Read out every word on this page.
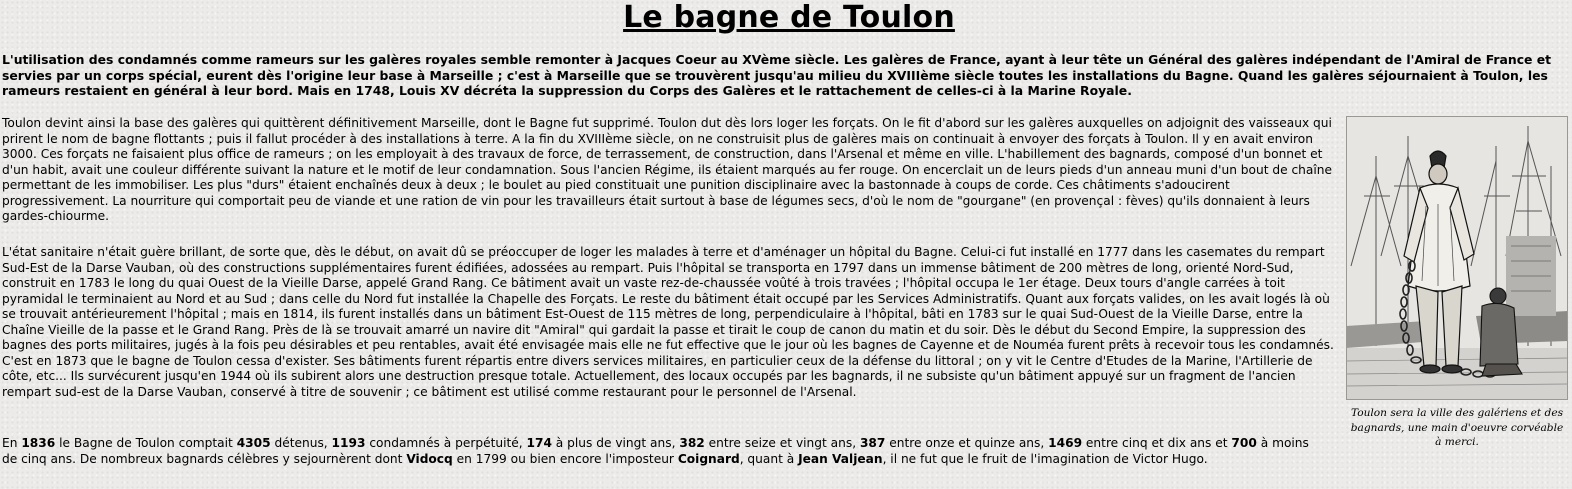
Le bagne de Toulon

L'utilisation des condamnés comme rameurs sur les galères royales semble remonter à Jacques Coeur au XVème siècle. Les galères de France, ayant à leur tête un Général des galères indépendant de l'Amiral de France et servies par un corps spécial, eurent dès l'origine leur base à Marseille ; c'est à Marseille que se trouvèrent jusqu'au milieu du XVIIIème siècle toutes les installations du Bagne. Quand les galères séjournaient à Toulon, les rameurs restaient en général à leur bord. Mais en 1748, Louis XV décréta la suppression du Corps des Galères et le rattachement de celles-ci à la Marine Royale.

Toulon devint ainsi la base des galères qui quittèrent définitivement Marseille, dont le Bagne fut supprimé. Toulon dut dès lors loger les forçats. On le fit d'abord sur les galères auxquelles on adjoignit des vaisseaux qui prirent le nom de bagne flottants ; puis il fallut procéder à des installations à terre. A la fin du XVIIIème siècle, on ne construisit plus de galères mais on continuait à envoyer des forçats à Toulon. Il y en avait environ 3000. Ces forçats ne faisaient plus office de rameurs ; on les employait à des travaux de force, de terrassement, de construction, dans l'Arsenal et même en ville. L'habillement des bagnards, composé d'un bonnet et d'un habit, avait une couleur différente suivant la nature et le motif de leur condamnation. Sous l'ancien Régime, ils étaient marqués au fer rouge. On encerclait un de leurs pieds d'un anneau muni d'un bout de chaîne permettant de les immobiliser. Les plus "durs" étaient enchaînés deux à deux ; le boulet au pied constituait une punition disciplinaire avec la bastonnade à coups de corde. Ces châtiments s'adoucirent progressivement. La nourriture qui comportait peu de viande et une ration de vin pour les travailleurs était surtout à base de légumes secs, d'où le nom de "gourgane" (en provençal : fèves) qu'ils donnaient à leurs gardes-chiourme.

L'état sanitaire n'était guère brillant, de sorte que, dès le début, on avait dû se préoccuper de loger les malades à terre et d'aménager un hôpital du Bagne. Celui-ci fut installé en 1777 dans les casemates du rempart Sud-Est de la Darse Vauban, où des constructions supplémentaires furent édifiées, adossées au rempart. Puis l'hôpital se transporta en 1797 dans un immense bâtiment de 200 mètres de long, orienté Nord-Sud, construit en 1783 le long du quai Ouest de la Vieille Darse, appelé Grand Rang. Ce bâtiment avait un vaste rez-de-chaussée voûté à trois travées ; l'hôpital occupa le 1er étage. Deux tours d'angle carrées à toit pyramidal le terminaient au Nord et au Sud ; dans celle du Nord fut installée la Chapelle des Forçats. Le reste du bâtiment était occupé par les Services Administratifs. Quant aux forçats valides, on les avait logés là où se trouvait antérieurement l'hôpital ; mais en 1814, ils furent installés dans un bâtiment Est-Ouest de 115 mètres de long, perpendiculaire à l'hôpital, bâti en 1783 sur le quai Sud-Ouest de la Vieille Darse, entre la Chaîne Vieille de la passe et le Grand Rang. Près de là se trouvait amarré un navire dit "Amiral" qui gardait la passe et tirait le coup de canon du matin et du soir. Dès le début du Second Empire, la suppression des bagnes des ports militaires, jugés à la fois peu désirables et peu rentables, avait été envisagée mais elle ne fut effective que le jour où les bagnes de Cayenne et de Nouméa furent prêts à recevoir tous les condamnés. C'est en 1873 que le bagne de Toulon cessa d'exister. Ses bâtiments furent répartis entre divers services militaires, en particulier ceux de la défense du littoral ; on y vit le Centre d'Etudes de la Marine, l'Artillerie de côte, etc... Ils survécurent jusqu'en 1944 où ils subirent alors une destruction presque totale. Actuellement, des locaux occupés par les bagnards, il ne subsiste qu'un bâtiment appuyé sur un fragment de l'ancien rempart sud-est de la Darse Vauban, conservé à titre de souvenir ; ce bâtiment est utilisé comme restaurant pour le personnel de l'Arsenal.

En 1836 le Bagne de Toulon comptait 4305 détenus, 1193 condamnés à perpétuité, 174 à plus de vingt ans, 382 entre seize et vingt ans, 387 entre onze et quinze ans, 1469 entre cinq et dix ans et 700 à moins de cinq ans. De nombreux bagnards célèbres y sejournèrent dont Vidocq en 1799 ou bien encore l'imposteur Coignard, quant à Jean Valjean, il ne fut que le fruit de l'imagination de Victor Hugo.

Toulon sera la ville des galériens et des bagnards, une main d'oeuvre corvéable à merci.
